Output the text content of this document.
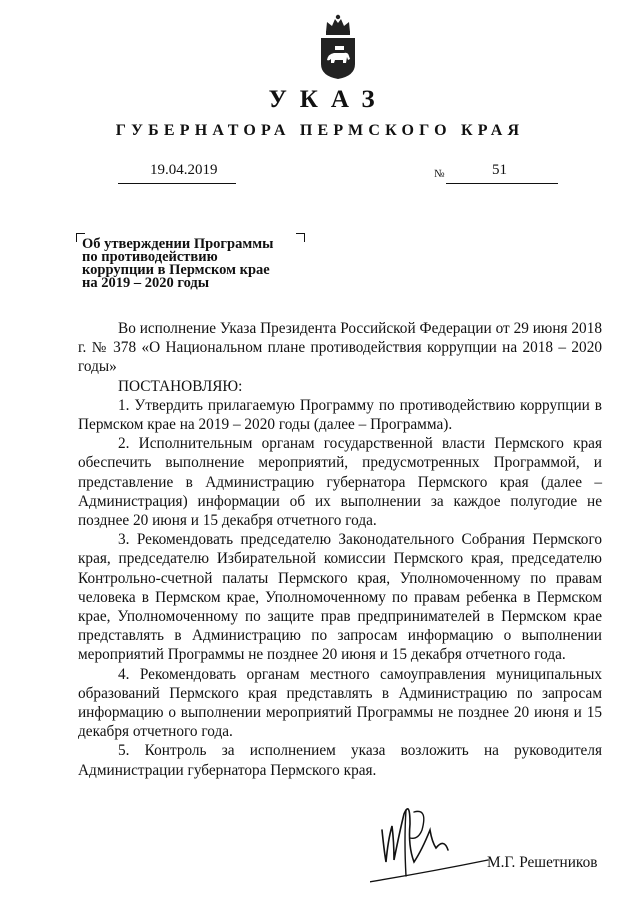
УКАЗ
ГУБЕРНАТОРА ПЕРМСКОГО КРАЯ
19.04.2019	№	51
Об утверждении Программы
по противодействию
коррупции в Пермском крае
на 2019 – 2020 годы

Во исполнение Указа Президента Российской Федерации от 29 июня 2018 г. № 378 «О Национальном плане противодействия коррупции на 2018 – 2020 годы»

ПОСТАНОВЛЯЮ:

1. Утвердить прилагаемую Программу по противодействию коррупции в Пермском крае на 2019 – 2020 годы (далее – Программа).

2. Исполнительным органам государственной власти Пермского края обеспечить выполнение мероприятий, предусмотренных Программой, и представление в Администрацию губернатора Пермского края (далее – Администрация) информации об их выполнении за каждое полугодие не позднее 20 июня и 15 декабря отчетного года.

3. Рекомендовать председателю Законодательного Собрания Пермского края, председателю Избирательной комиссии Пермского края, председателю Контрольно-счетной палаты Пермского края, Уполномоченному по правам человека в Пермском крае, Уполномоченному по правам ребенка в Пермском крае, Уполномоченному по защите прав предпринимателей в Пермском крае представлять в Администрацию по запросам информацию о выполнении мероприятий Программы не позднее 20 июня и 15 декабря отчетного года.

4. Рекомендовать органам местного самоуправления муниципальных образований Пермского края представлять в Администрацию по запросам информацию о выполнении мероприятий Программы не позднее 20 июня и 15 декабря отчетного года.

5. Контроль за исполнением указа возложить на руководителя Администрации губернатора Пермского края.

М.Г. Решетников
